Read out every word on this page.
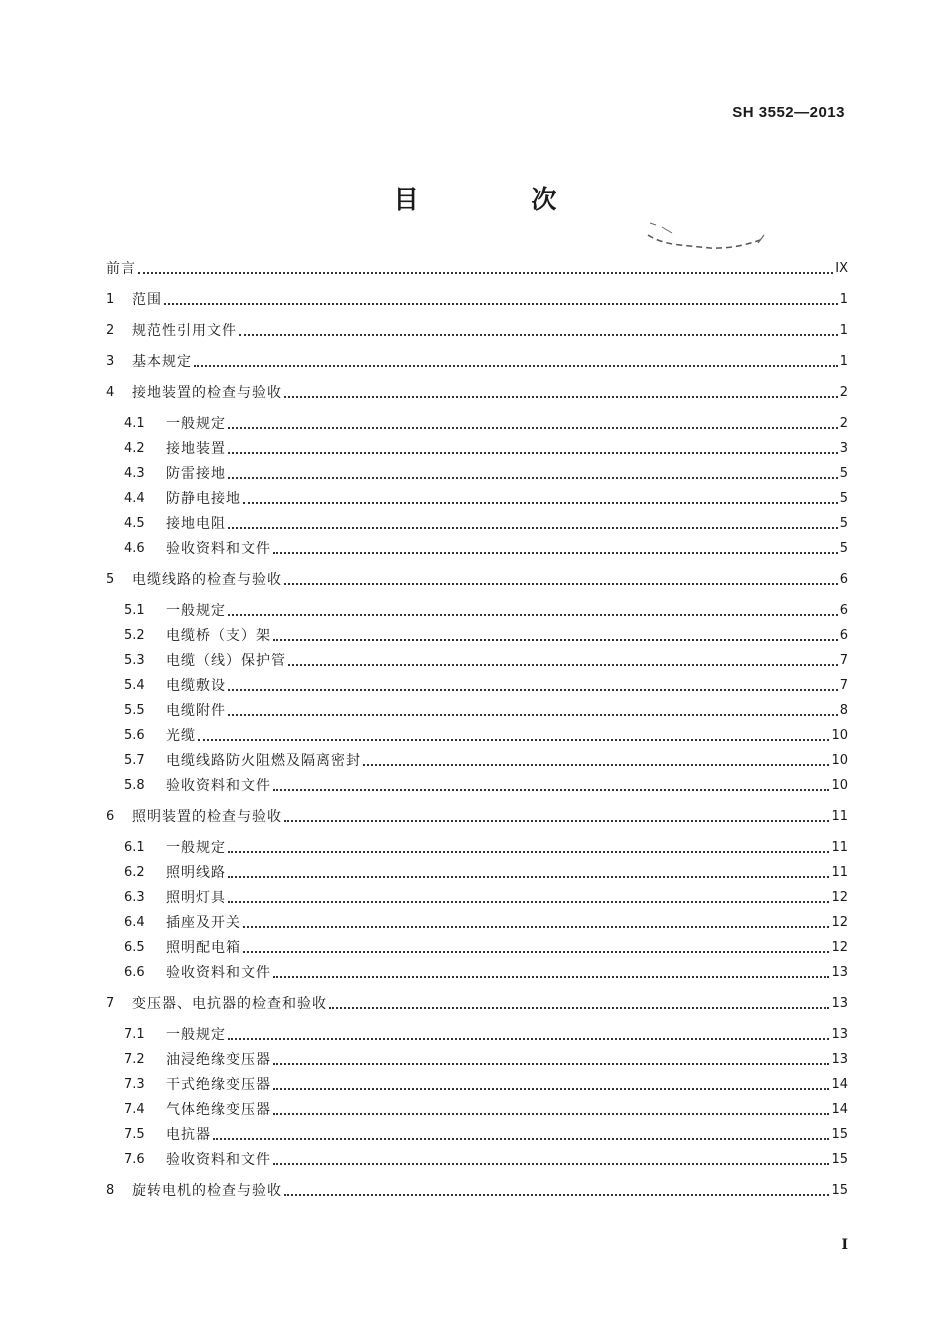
SH 3552—2013
目 次
前言	IX
1	范围	1
2	规范性引用文件	1
3	基本规定	1
4	接地装置的检查与验收	2
4.1	一般规定	2
4.2	接地装置	3
4.3	防雷接地	5
4.4	防静电接地	5
4.5	接地电阻	5
4.6	验收资料和文件	5
5	电缆线路的检查与验收	6
5.1	一般规定	6
5.2	电缆桥（支）架	6
5.3	电缆（线）保护管	7
5.4	电缆敷设	7
5.5	电缆附件	8
5.6	光缆	10
5.7	电缆线路防火阻燃及隔离密封	10
5.8	验收资料和文件	10
6	照明装置的检查与验收	11
6.1	一般规定	11
6.2	照明线路	11
6.3	照明灯具	12
6.4	插座及开关	12
6.5	照明配电箱	12
6.6	验收资料和文件	13
7	变压器、电抗器的检查和验收	13
7.1	一般规定	13
7.2	油浸绝缘变压器	13
7.3	干式绝缘变压器	14
7.4	气体绝缘变压器	14
7.5	电抗器	15
7.6	验收资料和文件	15
8	旋转电机的检查与验收	15
I
